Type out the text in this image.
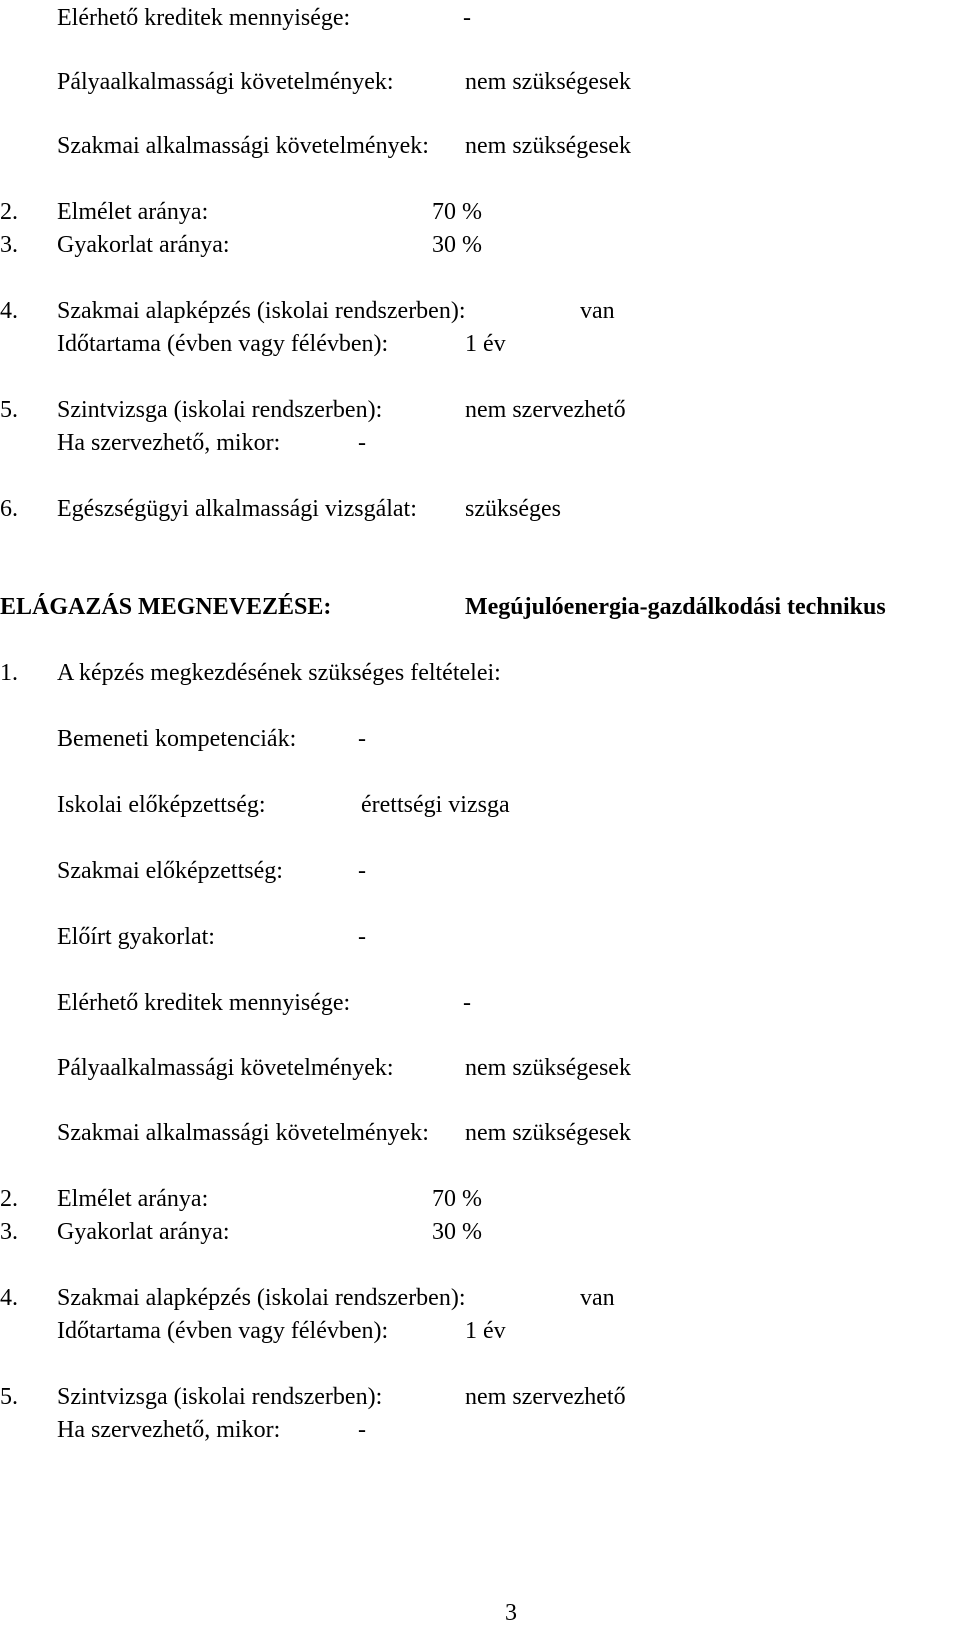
Elérhető kreditek mennyisége:	-
Pályaalkalmassági követelmények:	nem szükségesek
Szakmai alkalmassági követelmények: nem szükségesek
2. Elmélet aránya:	70 %
3. Gyakorlat aránya:	30 %
4. Szakmai alapképzés (iskolai rendszerben):	van
Időtartama (évben vagy félévben):	1 év
5. Szintvizsga (iskolai rendszerben):	nem szervezhető
Ha szervezhető, mikor:	-
6. Egészségügyi alkalmassági vizsgálat: szükséges
ELÁGAZÁS MEGNEVEZÉSE:	Megújulóenergia-gazdálkodási technikus
1. A képzés megkezdésének szükséges feltételei:
Bemeneti kompetenciák:	-
Iskolai előképzettség:	érettségi vizsga
Szakmai előképzettség:	-
Előírt gyakorlat:	-
Elérhető kreditek mennyisége:	-
Pályaalkalmassági követelmények:	nem szükségesek
Szakmai alkalmassági követelmények: nem szükségesek
2. Elmélet aránya:	70 %
3. Gyakorlat aránya:	30 %
4. Szakmai alapképzés (iskolai rendszerben):	van
Időtartama (évben vagy félévben):	1 év
5. Szintvizsga (iskolai rendszerben):	nem szervezhető
Ha szervezhető, mikor:	-
3
